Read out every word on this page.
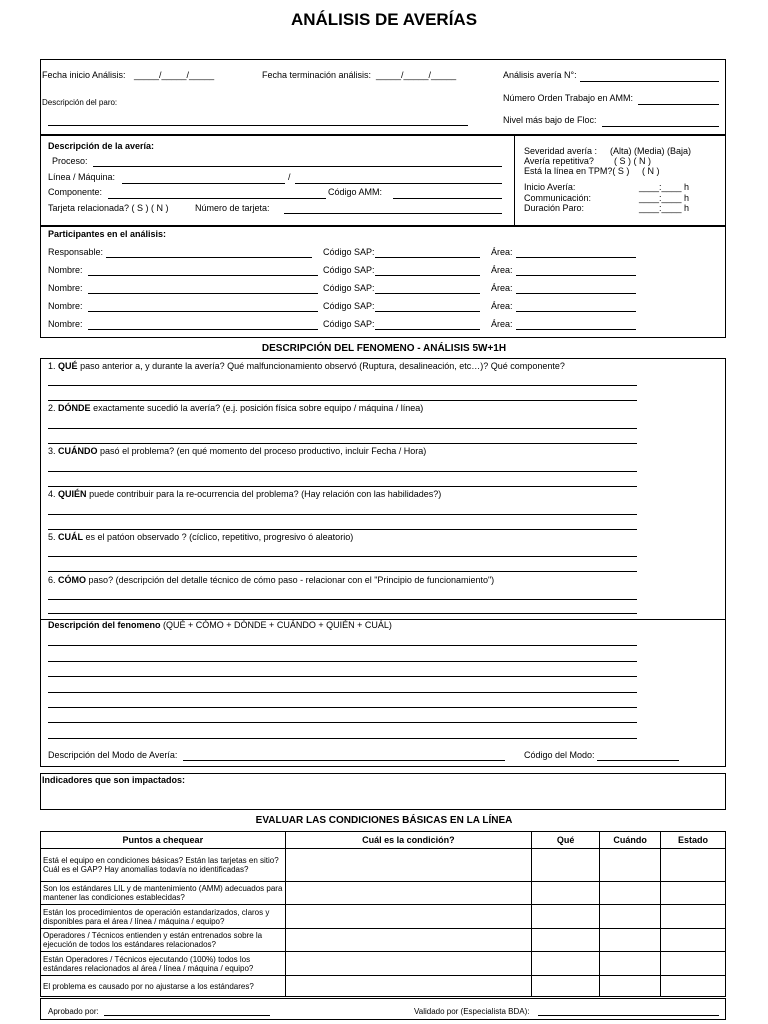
ANÁLISIS DE AVERÍAS
Fecha inicio Análisis: _____/_____/_____	Fecha terminación análisis: _____/_____/_____	Análisis avería N°:
Descripción del paro:	Número Orden Trabajo en AMM:
Nivel más bajo de Floc:
Descripción de la avería:
Proceso:
Línea / Máquina:	/
Componente:	Código AMM:
Tarjeta relacionada? ( S ) ( N )	Número de tarjeta:
Severidad avería : (Alta) (Media) (Baja)
Avería repetitiva? ( S ) ( N )
Está la línea en TPM?( S ) ( N )
Inicio Avería:	____:____ h
Communicación:	____:____ h
Duración Paro:	____:____ h
Participantes en el análisis:
Responsable:	Código SAP:	Área:
Nombre:	Código SAP:	Área:
Nombre:	Código SAP:	Área:
Nombre:	Código SAP:	Área:
Nombre:	Código SAP:	Área:
DESCRIPCIÓN DEL FENOMENO - ANÁLISIS 5W+1H
1. QUÉ paso anterior a, y durante la avería? Qué malfuncionamiento observó (Ruptura, desalineación, etc…)? Qué componente?
2. DÓNDE exactamente sucedió la avería? (e.j. posición física sobre equipo / máquina / línea)
3. CUÁNDO pasó el problema? (en qué momento del proceso productivo, incluir Fecha / Hora)
4. QUIÉN puede contribuir para la re-ocurrencia del problema? (Hay relación con las habilidades?)
5. CUÁL es el patóon observado ? (cíclico, repetitivo, progresivo ó aleatorio)
6. CÓMO paso? (descripción del detalle técnico de cómo paso - relacionar con el "Principio de funcionamiento")
Descripción del fenomeno (QUÉ + CÓMO + DÓNDE + CUÁNDO + QUIÉN + CUÁL)
Descripción del Modo de Avería:	Código del Modo:
Indicadores que son impactados:
EVALUAR LAS CONDICIONES BÁSICAS EN LA LÍNEA
Puntos a chequear	Cuál es la condición?	Qué	Cuándo	Estado
Está el equipo en condiciones básicas? Están las tarjetas en sitio? Cuál es el GAP? Hay anomalías todavía no identificadas?				
Son los estándares LIL y de mantenimiento (AMM) adecuados para mantener las condiciones establecidas?				
Están los procedimientos de operación estandarizados, claros y disponibles para el área / línea / máquina / equipo?				
Operadores / Técnicos entienden y están entrenados sobre la ejecución de todos los estándares relacionados?				
Están Operadores / Técnicos ejecutando (100%) todos los estándares relacionados al área / línea / máquina / equipo?				
El problema es causado por no ajustarse a los estándares?				
Aprobado por:	Validado por (Especialista BDA):
